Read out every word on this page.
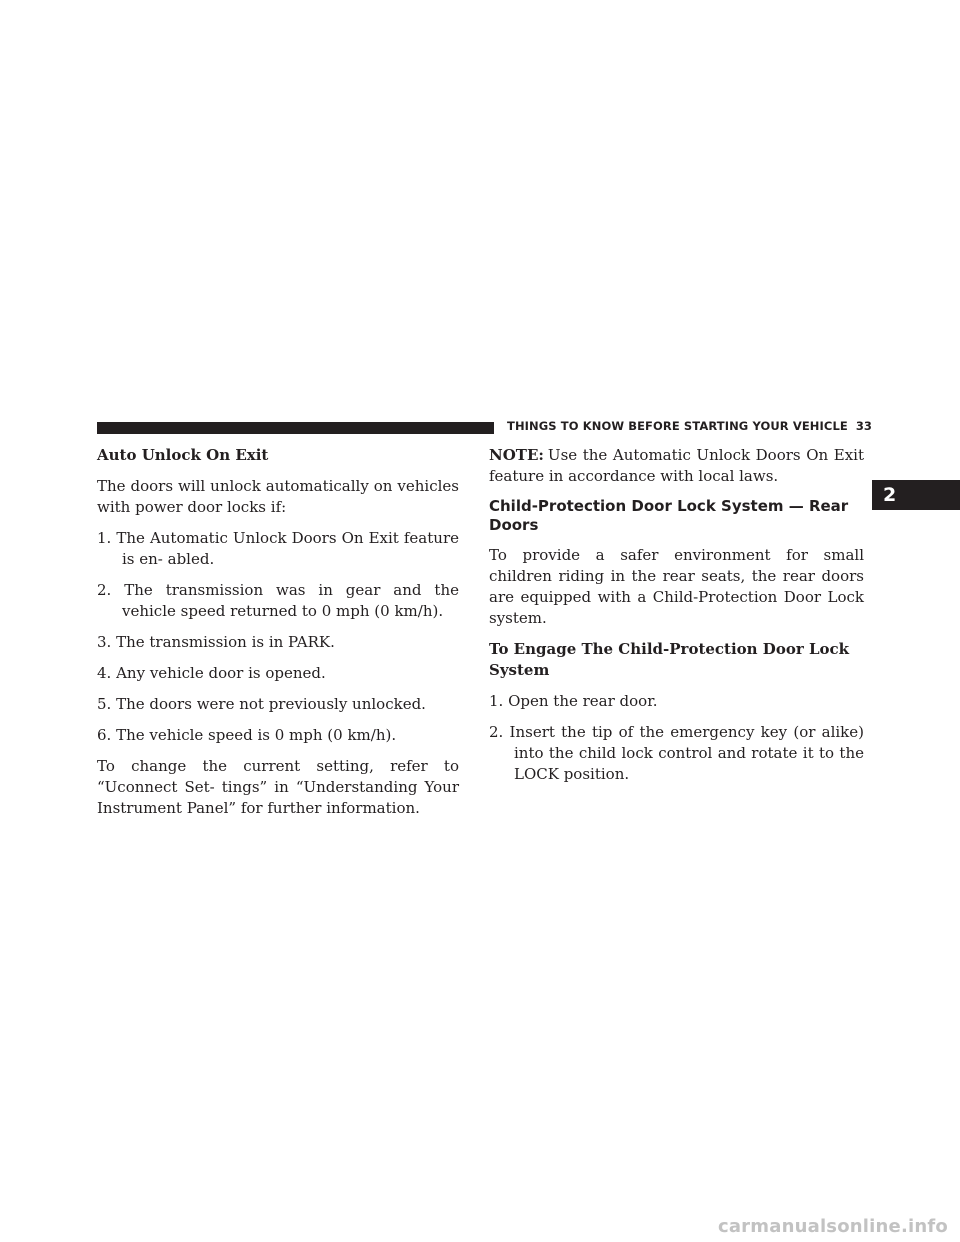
THINGS TO KNOW BEFORE STARTING YOUR VEHICLE 33
2
Auto Unlock On Exit

The doors will unlock automatically on vehicles with power door locks if:

1. The Automatic Unlock Doors On Exit feature is en- abled.
2. The transmission was in gear and the vehicle speed returned to 0 mph (0 km/h).
3. The transmission is in PARK.
4. Any vehicle door is opened.
5. The doors were not previously unlocked.
6. The vehicle speed is 0 mph (0 km/h).

To change the current setting, refer to “Uconnect Set- tings” in “Understanding Your Instrument Panel” for further information.

NOTE: Use the Automatic Unlock Doors On Exit feature in accordance with local laws.

Child-Protection Door Lock System — Rear Doors

To provide a safer environment for small children riding in the rear seats, the rear doors are equipped with a Child-Protection Door Lock system.

To Engage The Child-Protection Door Lock System
1. Open the rear door.
2. Insert the tip of the emergency key (or alike) into the child lock control and rotate it to the LOCK position.
carmanualsonline.info
